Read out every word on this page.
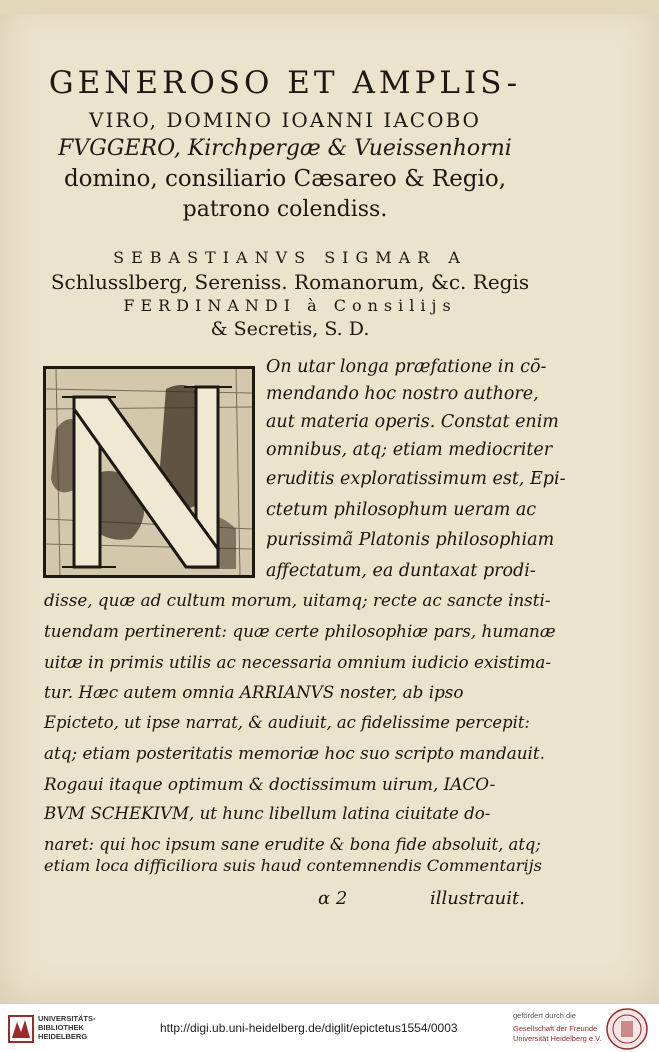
GENEROSO ET AMPLIS-
VIRO, DOMINO IOANNI IACOBO
FVGGERO, Kirchpergæ & Vueissenhorni
domino, consiliario Cæsareo & Regio,
patrono colendiss.
SEBASTIANVS SIGMAR A
Schlusslberg, Sereniss. Romanorum, &c. Regis
FERDINANDI à Consilijs
& Secretis, S. D.
On utar longa præfatione in cō-
mendando hoc nostro authore,
aut materia operis. Constat enim
omnibus, atq; etiam mediocriter
eruditis exploratissimum est, Epi-
ctetum philosophum ueram ac
purissimã Platonis philosophiam
affectatum, ea duntaxat prodi-
disse, quæ ad cultum morum, uitamq; recte ac sancte insti-
tuendam pertinerent: quæ certe philosophiæ pars, humanæ
uitæ in primis utilis ac necessaria omnium iudicio existima-
tur. Hæc autem omnia ARRIANVS noster, ab ipso
Epicteto, ut ipse narrat, & audiuit, ac fidelissime percepit:
atq; etiam posteritatis memoriæ hoc suo scripto mandauit.
Rogaui itaque optimum & doctissimum uirum, IACO-
BVM SCHEKIVM, ut hunc libellum latina ciuitate do-
naret: qui hoc ipsum sane erudite & bona fide absoluit, atq;
etiam loca difficiliora suis haud contemnendis Commentarijs
α 2	illustrauit.
UNIVERSITÄTS-
BIBLIOTHEK
HEIDELBERG
http://digi.ub.uni-heidelberg.de/diglit/epictetus1554/0003
gefördert durch die
Gesellschaft der Freunde
Universität Heidelberg e.V.
